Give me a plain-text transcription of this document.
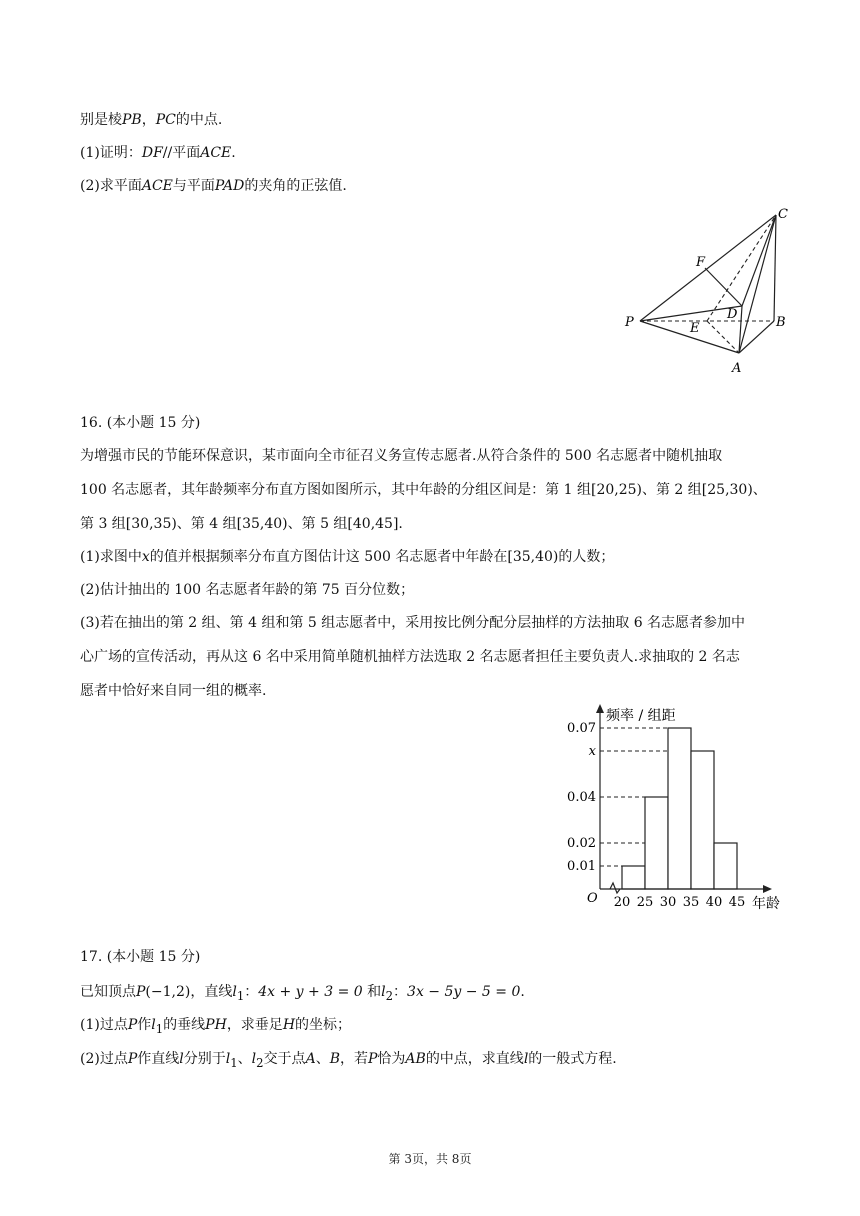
别是棱PB，PC的中点.
(1)证明：DF//平面ACE.
(2)求平面ACE与平面PAD的夹角的正弦值.
C
F
D
P	E	B
A
16. (本小题 15 分)
为增强市民的节能环保意识，某市面向全市征召义务宣传志愿者.从符合条件的 500 名志愿者中随机抽取
100 名志愿者，其年龄频率分布直方图如图所示，其中年龄的分组区间是：第 1 组[20,25)、第 2 组[25,30)、
第 3 组[30,35)、第 4 组[35,40)、第 5 组[40,45].
(1)求图中x的值并根据频率分布直方图估计这 500 名志愿者中年龄在[35,40)的人数；
(2)估计抽出的 100 名志愿者年龄的第 75 百分位数；
(3)若在抽出的第 2 组、第 4 组和第 5 组志愿者中，采用按比例分配分层抽样的方法抽取 6 名志愿者参加中
心广场的宣传活动，再从这 6 名中采用简单随机抽样方法选取 2 名志愿者担任主要负责人.求抽取的 2 名志
愿者中恰好来自同一组的概率.
0.01
0.02
0.04
x
0.07
20 25 30 35 40 45
频率 / 组距
年龄
O
17. (本小题 15 分)
已知顶点P(−1,2)，直线$l_1$：4x + y + 3 = 0 和$l_2$：3x − 5y − 5 = 0.
(1)过点P作$l_1$的垂线PH，求垂足H的坐标；
(2)过点P作直线l分别于$l_1$、$l_2$交于点A、B，若P恰为AB的中点，求直线l的一般式方程.
第 3页，共 8页
